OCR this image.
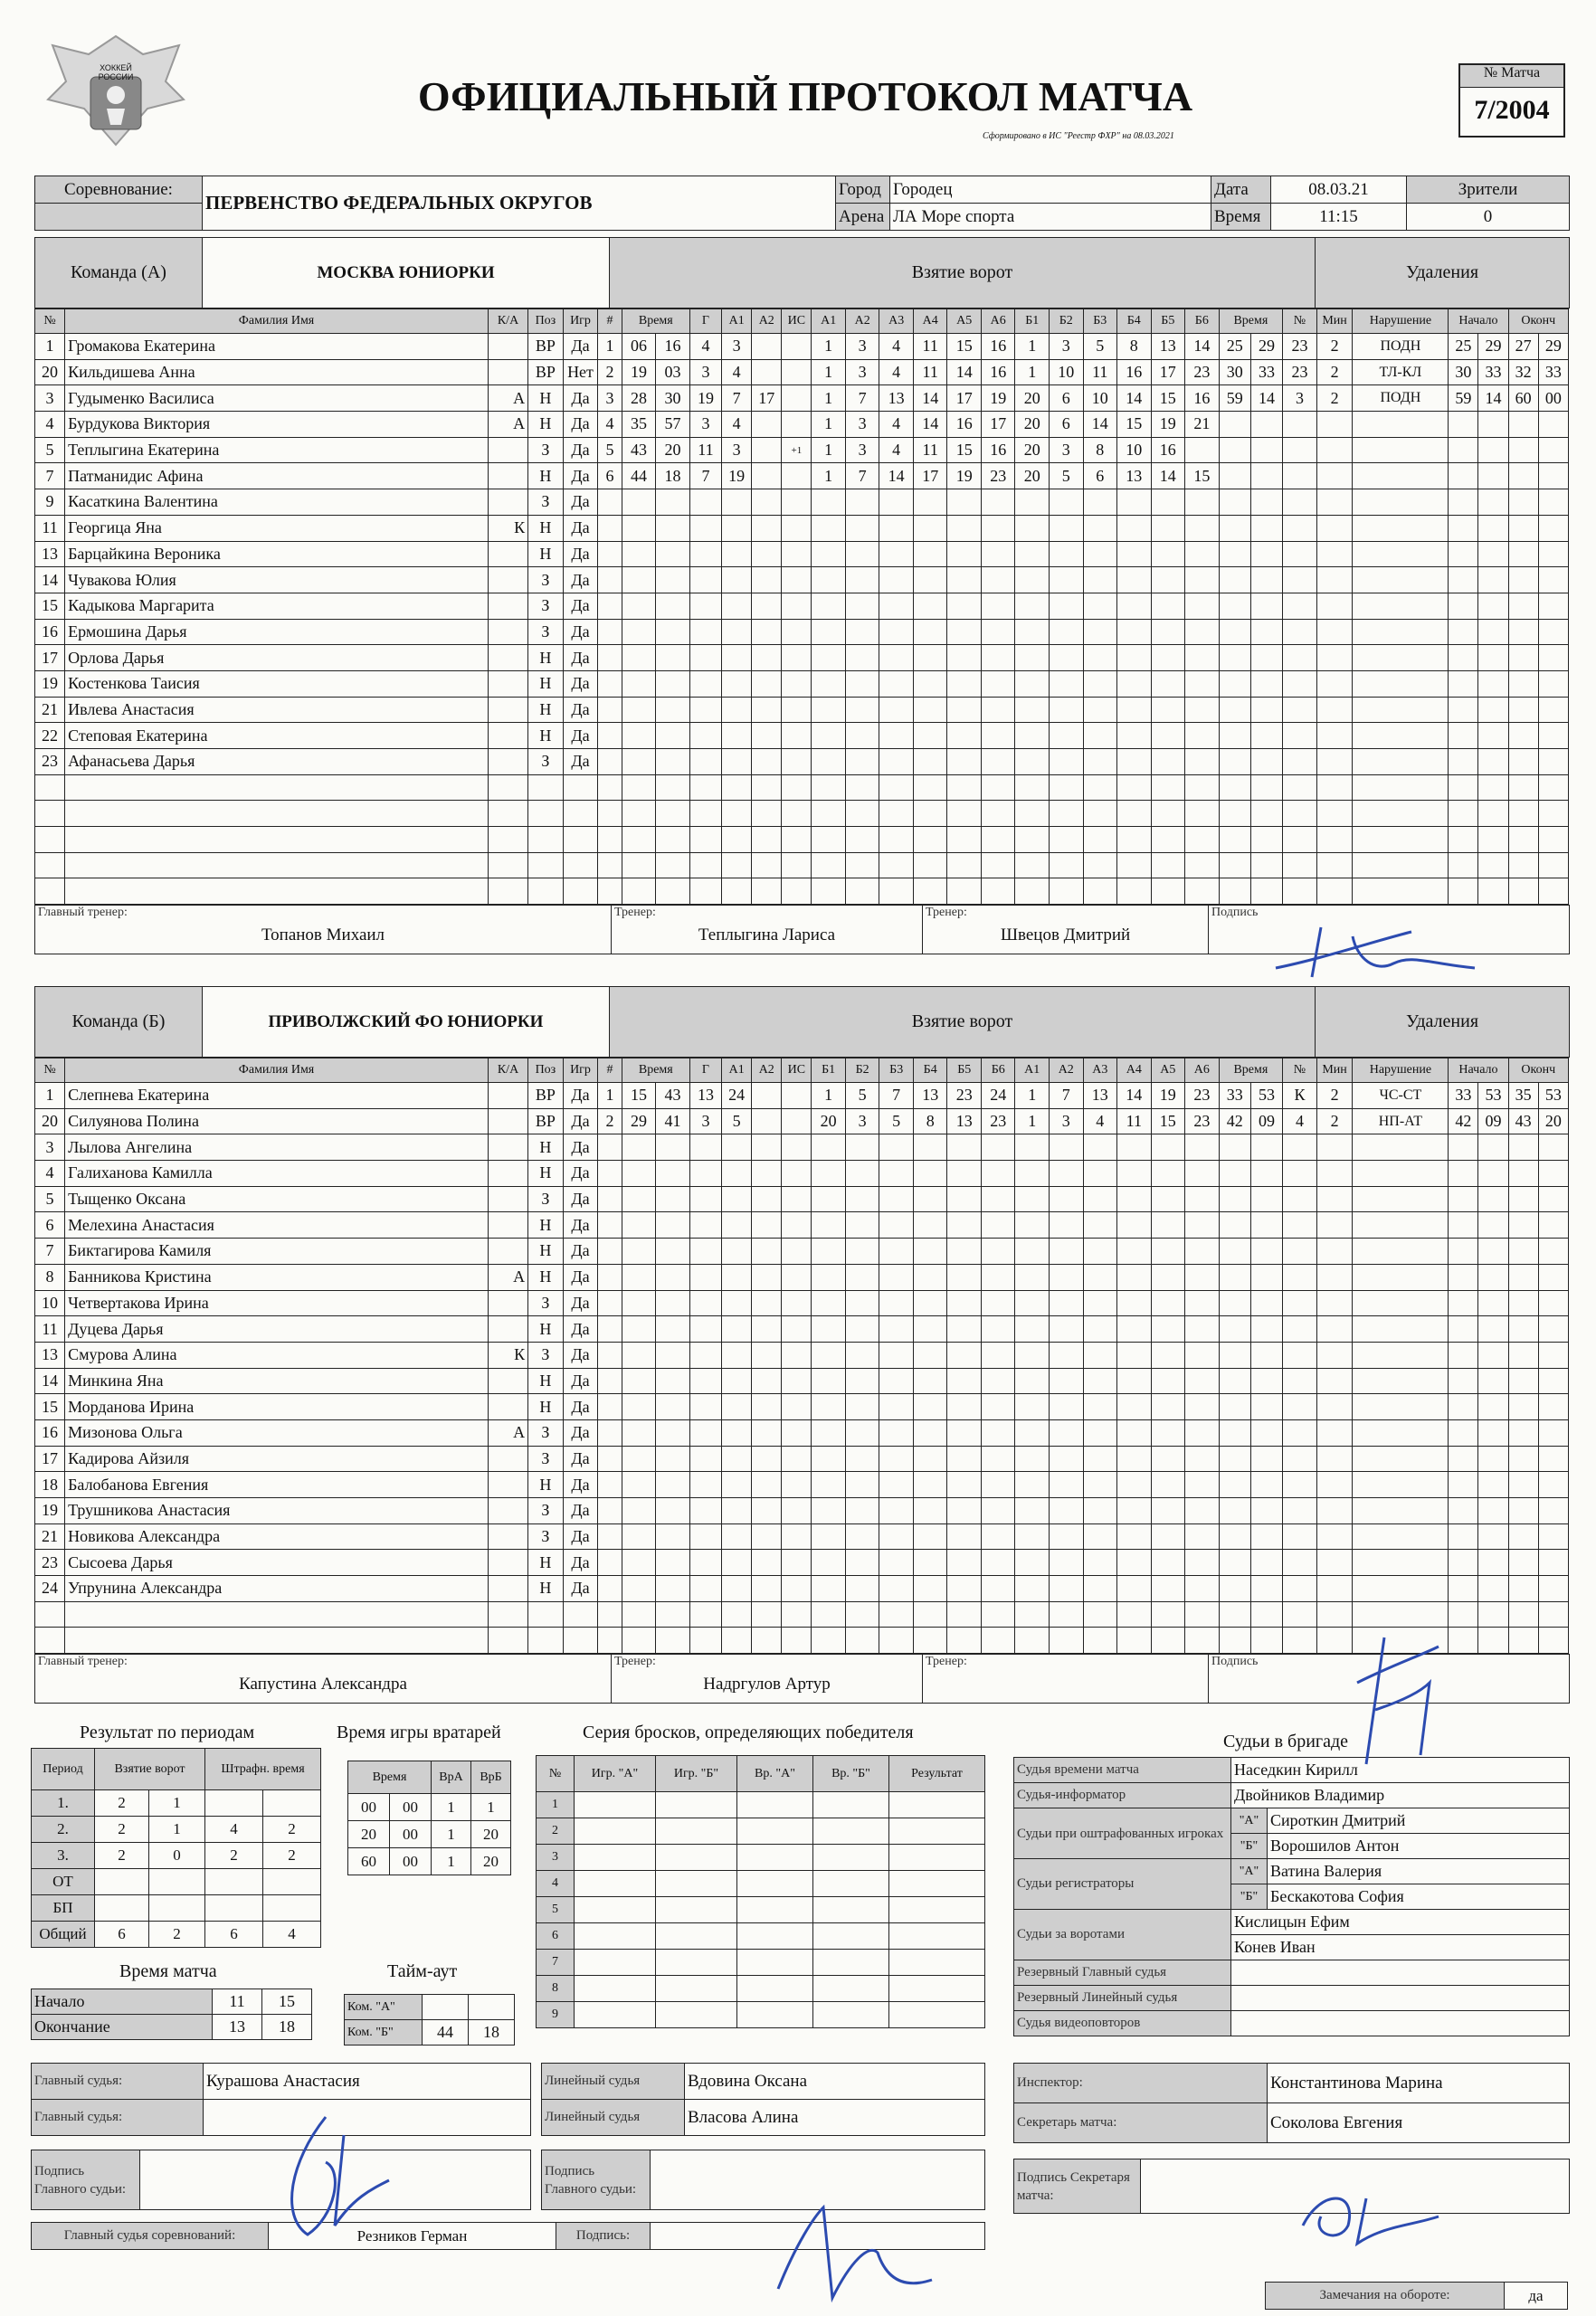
ХОККЕЙ РОССИИ	ОФИЦИАЛЬНЫЙ ПРОТОКОЛ МАТЧА
Сформировано в ИС "Реестр ФХР" на 08.03.2021
№ Матча
7/2004
Соревнование:	ПЕРВЕНСТВО ФЕДЕРАЛЬНЫХ ОКРУГОВ	Город	Городец	Дата	08.03.21	Зрители
		Арена	ЛА Море спорта	Время	11:15	0
Команда (А)	МОСКВА ЮНИОРКИ	Взятие ворот	Удаления
№	Фамилия Имя	К/А	Поз	Игр	#	Время		Г	А1	А2	ИС	А1	А2	А3	А4	А5	А6	Б1	Б2	Б3	Б4	Б5	Б6	Время		№	Мин	Нарушение	Начало		Оконч	
1	Громакова Екатерина		ВР	Да	1	06	16	4	3			1	3	4	11	15	16	1	3	5	8	13	14	25	29	23	2	ПОДН	25	29	27	29
20	Кильдишева Анна		ВР	Нет	2	19	03	3	4			1	3	4	11	14	16	1	10	11	16	17	23	30	33	23	2	ТЛ-КЛ	30	33	32	33
3	Гудыменко Василиса	А	Н	Да	3	28	30	19	7	17		1	7	13	14	17	19	20	6	10	14	15	16	59	14	3	2	ПОДН	59	14	60	00
4	Бурдукова Виктория	А	Н	Да	4	35	57	3	4			1	3	4	14	16	17	20	6	14	15	19	21									
5	Теплыгина Екатерина		З	Да	5	43	20	11	3		+1	1	3	4	11	15	16	20	3	8	10	16										
7	Патманидис Афина		Н	Да	6	44	18	7	19			1	7	14	17	19	23	20	5	6	13	14	15									
9	Касаткина Валентина		З	Да																												
11	Георгица Яна	К	Н	Да																												
13	Барцайкина Вероника		Н	Да																												
14	Чувакова Юлия		З	Да																												
15	Кадыкова Маргарита		З	Да																												
16	Ермошина Дарья		З	Да																												
17	Орлова Дарья		Н	Да																												
19	Костенкова Таисия		Н	Да																												
21	Ивлева Анастасия		Н	Да																												
22	Степовая Екатерина		Н	Да																												
23	Афанасьева Дарья		З	Да																												

Главный тренер:
Топанов Михаил

Тренер:
Теплыгина Лариса

Тренер:
Швецов Дмитрий

Подпись
Команда (Б)	ПРИВОЛЖСКИЙ ФО ЮНИОРКИ	Взятие ворот	Удаления
№	Фамилия Имя	К/А	Поз	Игр	#	Время		Г	А1	А2	ИС	Б1	Б2	Б3	Б4	Б5	Б6	А1	А2	А3	А4	А5	А6	Время		№	Мин	Нарушение	Начало		Оконч	
1	Слепнева Екатерина		ВР	Да	1	15	43	13	24			1	5	7	13	23	24	1	7	13	14	19	23	33	53	К	2	ЧС-СТ	33	53	35	53
20	Силуянова Полина		ВР	Да	2	29	41	3	5			20	3	5	8	13	23	1	3	4	11	15	23	42	09	4	2	НП-АТ	42	09	43	20
3	Лылова Ангелина		Н	Да																												
4	Галиханова Камилла		Н	Да																												
5	Тыщенко Оксана		З	Да																												
6	Мелехина Анастасия		Н	Да																												
7	Биктагирова Камиля		Н	Да																												
8	Банникова Кристина	А	Н	Да																												
10	Четвертакова Ирина		З	Да																												
11	Дуцева Дарья		Н	Да																												
13	Смурова Алина	К	З	Да																												
14	Минкина Яна		Н	Да																												
15	Морданова Ирина		Н	Да																												
16	Мизонова Ольга	А	З	Да																												
17	Кадирова Айзиля		З	Да																												
18	Балобанова Евгения		Н	Да																												
19	Трушникова Анастасия		З	Да																												
21	Новикова Александра		З	Да																												
23	Сысоева Дарья		Н	Да																												
24	Упрунина Александра		Н	Да																												

Главный тренер:
Капустина Александра

Тренер:
Надргулов Артур

Тренер:	Подпись
Результат по периодам
Период	Взятие ворот		Штрафн. время	
1.	2	1		
2.	2	1	4	2
3.	2	0	2	2
ОТ				
БП				
Общий	6	2	6	4
Время игры вратарей
Время		ВрА	ВрБ
00	00	1	1
20	00	1	20
60	00	1	20
Время матча
Начало	11	15
Окончание	13	18
Тайм-аут
Ком. "А"		
Ком. "Б"	44	18
Серия бросков, определяющих победителя
№	Игр. "А"	Игр. "Б"	Вр. "А"	Вр. "Б"	Результат
1					
2					
3					
4					
5					
6					
7					
8					
9					
Судьи в бригаде
Судья времени матча	Наседкин Кирилл	
Судья-информатор	Двойников Владимир	
Судьи при оштрафованных игроках	"А"	Сироткин Дмитрий
	"Б"	Ворошилов Антон
Судьи регистраторы	"А"	Ватина Валерия
	"Б"	Бескакотова София
Судьи за воротами	Кислицын Ефим	
	Конев Иван	
Резервный Главный судья		
Резервный Линейный судья		
Судья видеоповторов		
Главный судья:	Курашова Анастасия
Главный судья:	
Линейный судья	Вдовина Оксана
Линейный судья	Власова Алина
Инспектор:	Константинова Марина
Секретарь матча:	Соколова Евгения
Подпись Главного судьи:	
Подпись Главного судьи:	
Подпись Секретаря матча:	
Главный судья соревнований:	Резников Герман	Подпись:	
Замечания на обороте:	да
